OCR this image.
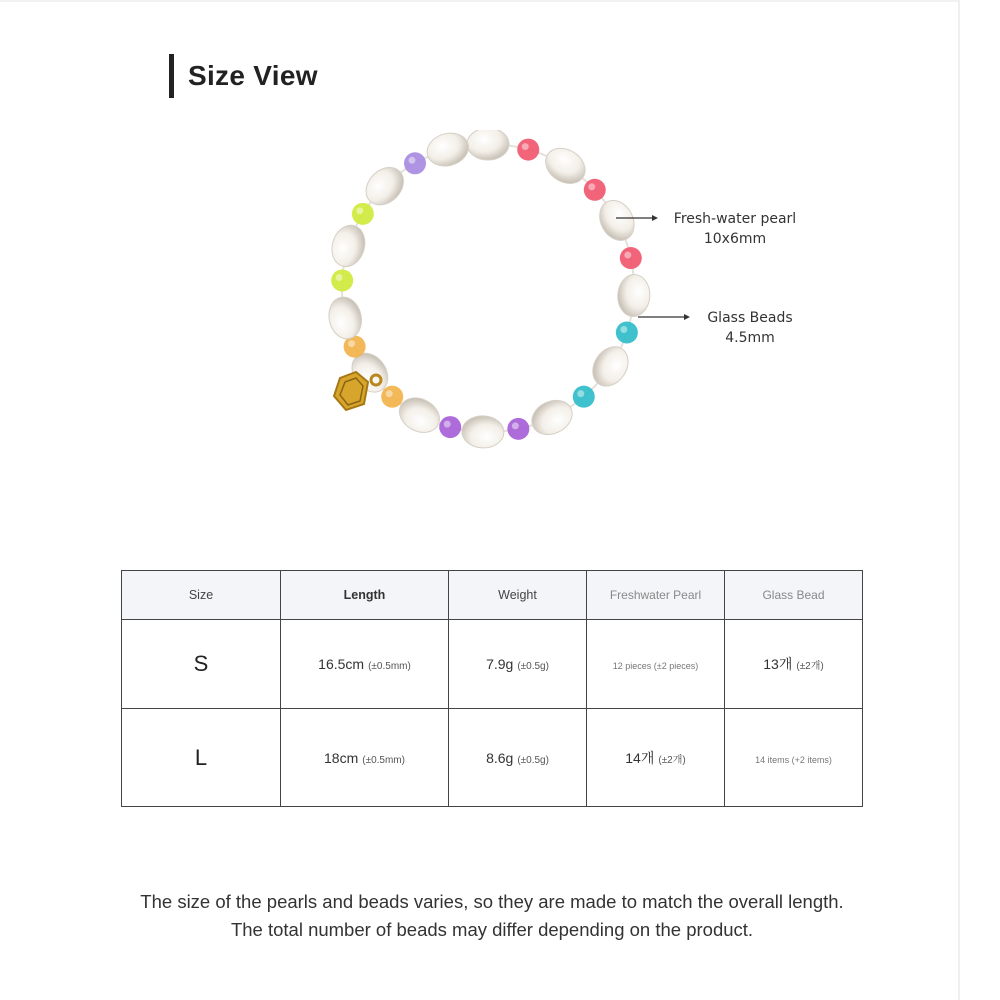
Size View
Fresh-water pearl
10x6mm
Glass Beads
4.5mm
Size	Length	Weight	Freshwater Pearl	Glass Bead
S	16.5cm (±0.5mm)	7.9g (±0.5g)	12 pieces (±2 pieces)	13개 (±2개)
L	18cm (±0.5mm)	8.6g (±0.5g)	14개 (±2개)	14 items (+2 items)
The size of the pearls and beads varies, so they are made to match the overall length.
The total number of beads may differ depending on the product.
